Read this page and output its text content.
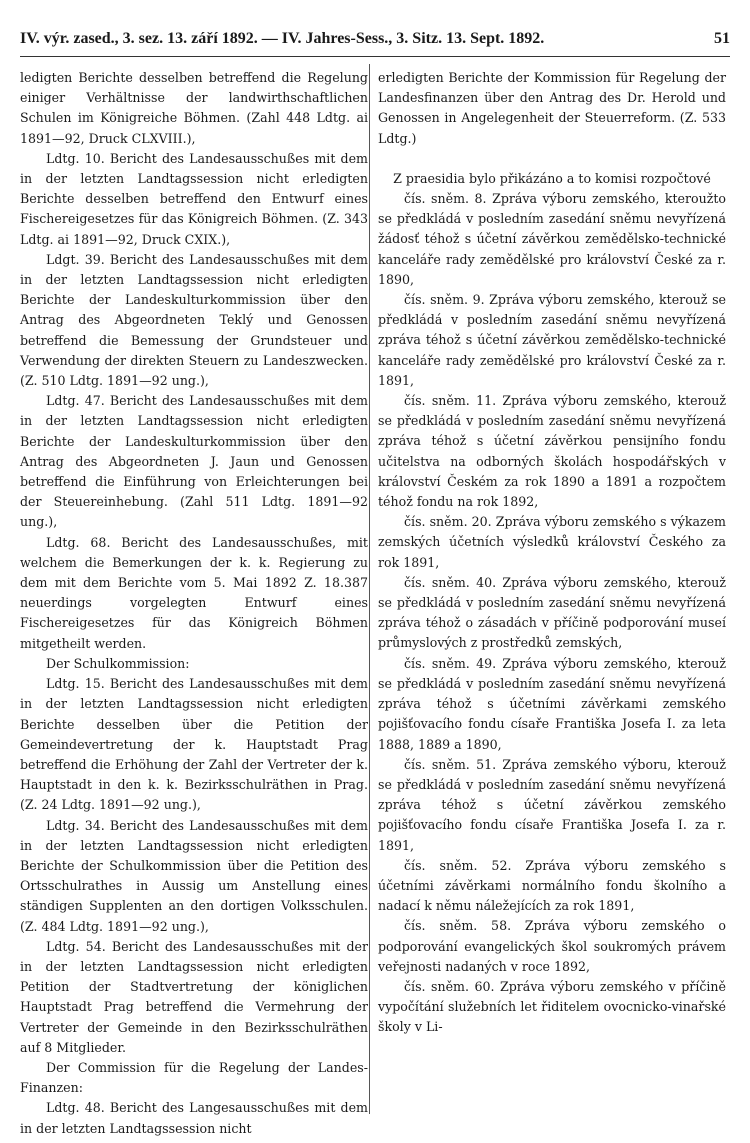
IV. výr. zased., 3. sez. 13. září 1892. — IV. Jahres-Sess., 3. Sitz. 13. Sept. 1892.	51

ledigten Berichte desselben betreffend die Regelung einiger Verhältnisse der landwirthschaftlichen Schulen im Königreiche Böhmen. (Zahl 448 Ldtg. ai 1891—92, Druck CLXVIII.),

Ldtg. 10. Bericht des Landesausschußes mit dem in der letzten Landtagssession nicht erledigten Berichte desselben betreffend den Entwurf eines Fischereigesetzes für das Königreich Böhmen. (Z. 343 Ldtg. ai 1891—92, Druck CXIX.),

Ldgt. 39. Bericht des Landesausschußes mit dem in der letzten Landtagssession nicht erledigten Berichte der Landeskulturkommission über den Antrag des Abgeordneten Teklý und Genossen betreffend die Bemessung der Grundsteuer und Verwendung der direkten Steuern zu Landeszwecken. (Z. 510 Ldtg. 1891—92 ung.),

Ldtg. 47. Bericht des Landesausschußes mit dem in der letzten Landtagssession nicht erledigten Berichte der Landeskulturkommission über den Antrag des Abgeordneten J. Jaun und Genossen betreffend die Einführung von Erleichterungen bei der Steuereinhebung. (Zahl 511 Ldtg. 1891—92 ung.),

Ldtg. 68. Bericht des Landesausschußes, mit welchem die Bemerkungen der k. k. Regierung zu dem mit dem Berichte vom 5. Mai 1892 Z. 18.387 neuerdings vorgelegten Entwurf eines Fischereigesetzes für das Königreich Böhmen mitgetheilt werden.

Der Schulkommission:

Ldtg. 15. Bericht des Landesausschußes mit dem in der letzten Landtagssession nicht erledigten Berichte desselben über die Petition der Gemeindevertretung der k. Hauptstadt Prag betreffend die Erhöhung der Zahl der Vertreter der k. Hauptstadt in den k. k. Bezirksschulräthen in Prag. (Z. 24 Ldtg. 1891—92 ung.),

Ldtg. 34. Bericht des Landesausschußes mit dem in der letzten Landtagssession nicht erledigten Berichte der Schulkommission über die Petition des Ortsschulrathes in Aussig um Anstellung eines ständigen Supplenten an den dortigen Volksschulen. (Z. 484 Ldtg. 1891—92 ung.),

Ldtg. 54. Bericht des Landesausschußes mit der in der letzten Landtagssession nicht erledigten Petition der Stadtvertretung der königlichen Hauptstadt Prag betreffend die Vermehrung der Vertreter der Gemeinde in den Bezirksschulräthen auf 8 Mitglieder.

Der Commission für die Regelung der Landes-Finanzen:

Ldtg. 48. Bericht des Langesausschußes mit dem in der letzten Landtagssession nicht

erledigten Berichte der Kommission für Regelung der Landesfinanzen über den Antrag des Dr. Herold und Genossen in Angelegenheit der Steuerreform. (Z. 533 Ldtg.)

Z praesidia bylo přikázáno a to komisi rozpočtové

čís. sněm. 8. Zpráva výboru zemského, kteroužto se předkládá v posledním zasedání sněmu nevyřízená žádosť téhož s účetní závěrkou zemědělsko-technické kanceláře rady zemědělské pro království České za r. 1890,

čís. sněm. 9. Zpráva výboru zemského, kterouž se předkládá v posledním zasedání sněmu nevyřízená zpráva téhož s účetní závěrkou zemědělsko-technické kanceláře rady zemědělské pro království České za r. 1891,

čís. sněm. 11. Zpráva výboru zemského, kterouž se předkládá v posledním zasedání sněmu nevyřízená zpráva téhož s účetní závěrkou pensijního fondu učitelstva na odborných školách hospodářských v království Českém za rok 1890 a 1891 a rozpočtem téhož fondu na rok 1892,

čís. sněm. 20. Zpráva výboru zemského s výkazem zemských účetních výsledků království Českého za rok 1891,

čís. sněm. 40. Zpráva výboru zemského, kterouž se předkládá v posledním zasedání sněmu nevyřízená zpráva téhož o zásadách v příčině podporování museí průmyslových z prostředků zemských,

čís. sněm. 49. Zpráva výboru zemského, kterouž se předkládá v posledním zasedání sněmu nevyřízená zpráva téhož s účetními závěrkami zemského pojišťovacího fondu císaře Františka Josefa I. za leta 1888, 1889 a 1890,

čís. sněm. 51. Zpráva zemského výboru, kterouž se předkládá v posledním zasedání sněmu nevyřízená zpráva téhož s účetní závěrkou zemského pojišťovacího fondu císaře Františka Josefa I. za r. 1891,

čís. sněm. 52. Zpráva výboru zemského s účetními závěrkami normálního fondu školního a nadací k němu náležejících za rok 1891,

čís. sněm. 58. Zpráva výboru zemského o podporování evangelických škol soukromých právem veřejnosti nadaných v roce 1892,

čís. sněm. 60. Zpráva výboru zemského v příčině vypočítání služebních let řiditelem ovocnicko-vinařské školy v Li-
